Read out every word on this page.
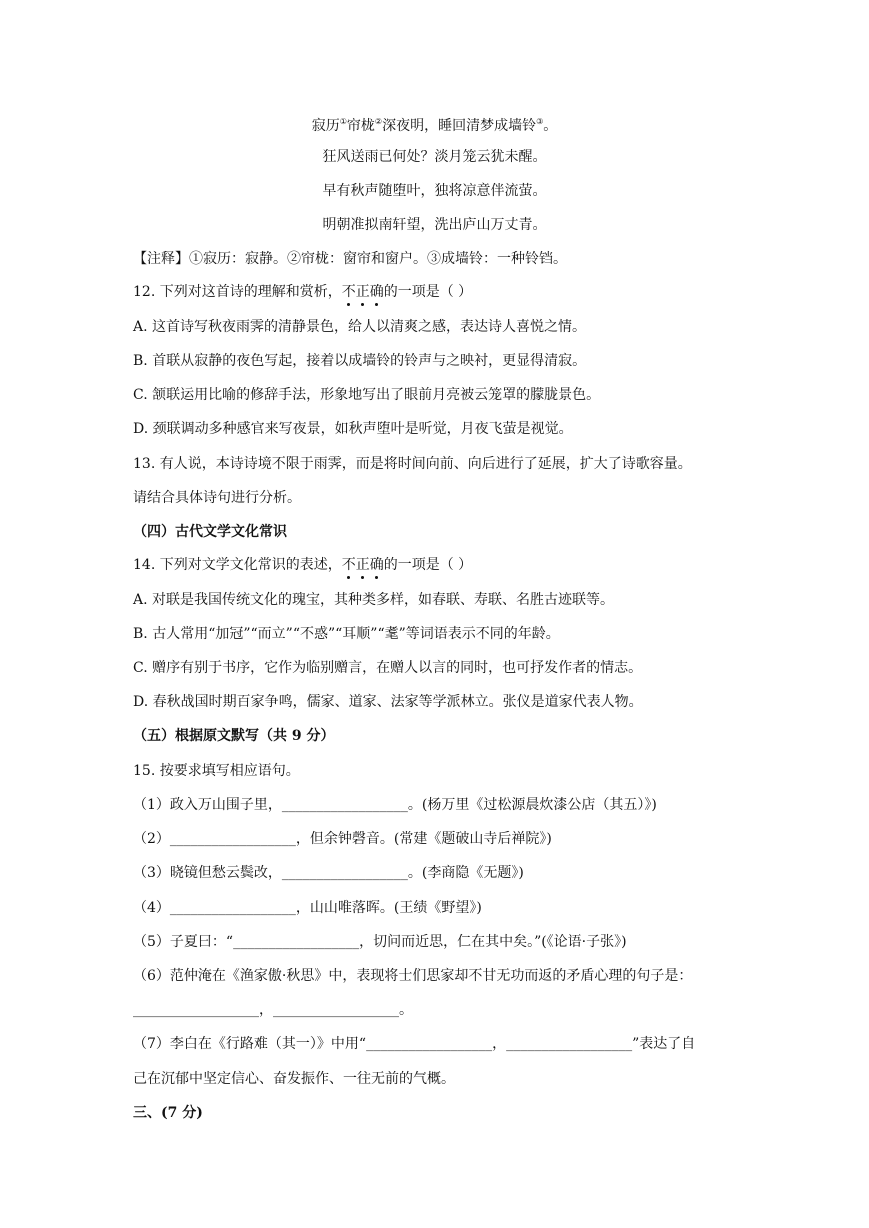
寂历①帘栊②深夜明，睡回清梦成墙铃③。
狂风送雨已何处？淡月笼云犹未醒。
早有秋声随堕叶，独将凉意伴流萤。
明朝准拟南轩望，洗出庐山万丈青。
【注释】①寂历：寂静。②帘栊：窗帘和窗户。③成墙铃：一种铃铛。
12. 下列对这首诗的理解和赏析，不正确的一项是（ ）
A. 这首诗写秋夜雨霁的清静景色，给人以清爽之感，表达诗人喜悦之情。
B. 首联从寂静的夜色写起，接着以成墙铃的铃声与之映衬，更显得清寂。
C. 颔联运用比喻的修辞手法，形象地写出了眼前月亮被云笼罩的朦胧景色。
D. 颈联调动多种感官来写夜景，如秋声堕叶是听觉，月夜飞萤是视觉。
13. 有人说，本诗诗境不限于雨霁，而是将时间向前、向后进行了延展，扩大了诗歌容量。
请结合具体诗句进行分析。
（四）古代文学文化常识
14. 下列对文学文化常识的表述，不正确的一项是（ ）
A. 对联是我国传统文化的瑰宝，其种类多样，如春联、寿联、名胜古迹联等。
B. 古人常用“加冠”“而立”“不惑”“耳顺”“耄”等词语表示不同的年龄。
C. 赠序有别于书序，它作为临别赠言，在赠人以言的同时，也可抒发作者的情志。
D. 春秋战国时期百家争鸣，儒家、道家、法家等学派林立。张仪是道家代表人物。
（五）根据原文默写（共 9 分）
15. 按要求填写相应语句。
（1）政入万山围子里，__________________。(杨万里《过松源晨炊漆公店（其五）》)
（2）__________________，但余钟磬音。(常建《题破山寺后禅院》)
（3）晓镜但愁云鬓改，__________________。(李商隐《无题》)
（4）__________________，山山唯落晖。(王绩《野望》)
（5）子夏曰：“__________________，切问而近思，仁在其中矣。”(《论语·子张》)
（6）范仲淹在《渔家傲·秋思》中，表现将士们思家却不甘无功而返的矛盾心理的句子是：
__________________，__________________。
（7）李白在《行路难（其一）》中用“__________________，__________________”表达了自
己在沉郁中坚定信心、奋发振作、一往无前的气概。
三、(7 分)
